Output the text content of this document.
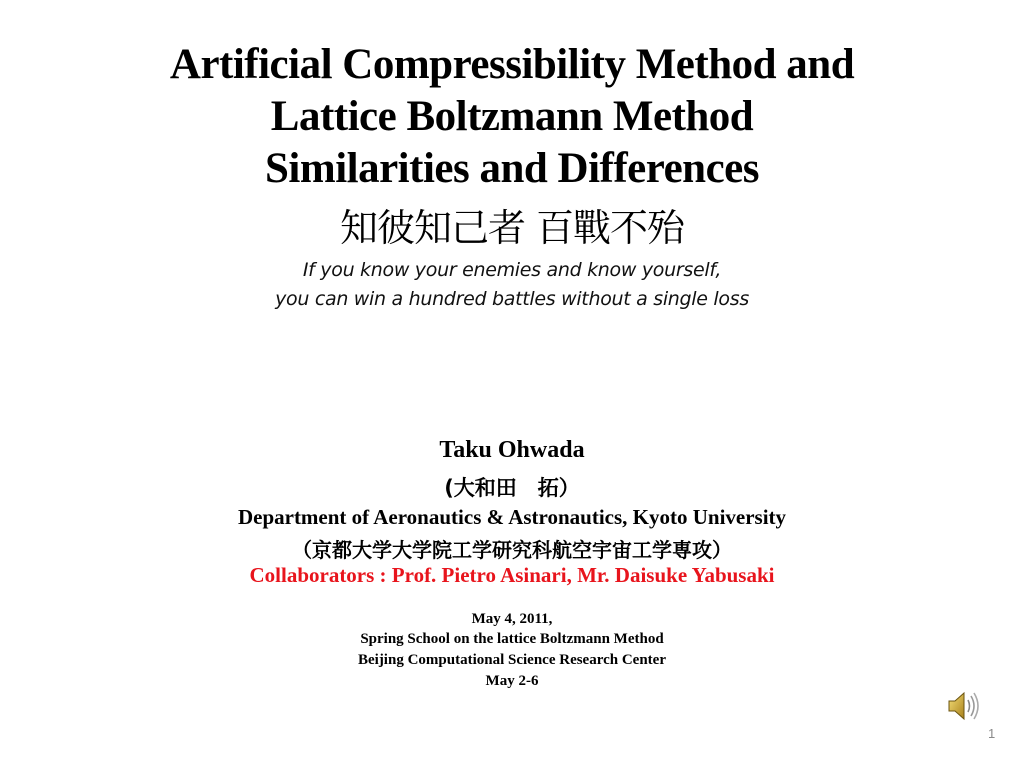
Artificial Compressibility Method and
Lattice Boltzmann Method
Similarities and Differences
知彼知己者 百戰不殆
If you know your enemies and know yourself,
you can win a hundred battles without a single loss
Taku Ohwada
(大和田　拓）
Department of Aeronautics & Astronautics, Kyoto University
（京都大学大学院工学研究科航空宇宙工学専攻）
Collaborators : Prof. Pietro Asinari, Mr. Daisuke Yabusaki
May 4, 2011,
Spring School on the lattice Boltzmann Method
Beijing Computational Science Research Center
May 2-6
1
